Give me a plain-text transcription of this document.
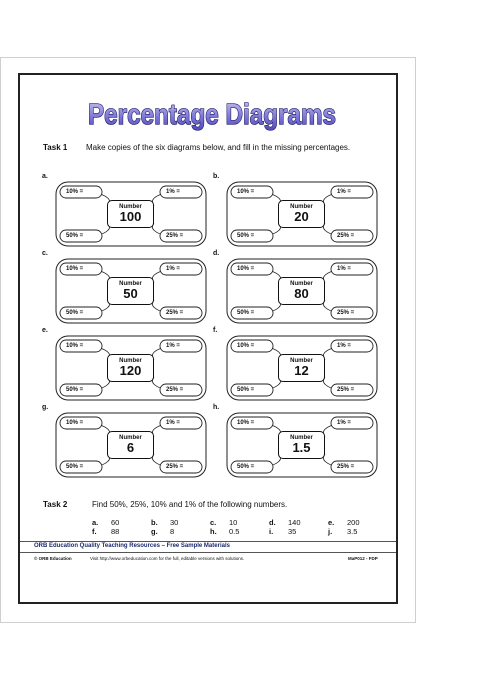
Percentage Diagrams
Task 1 Make copies of the six diagrams below, and fill in the missing percentages.
a.
10% =	1% =
50% =	25% =
Number
100
b.
10% =	1% =
50% =	25% =
Number
20
c.
10% =	1% =
50% =	25% =
Number
50
d.
10% =	1% =
50% =	25% =
Number
80
e.
10% =	1% =
50% =	25% =
Number
120
f.
10% =	1% =
50% =	25% =
Number
12
g.
10% =	1% =
50% =	25% =
Number
6
h.
10% =	1% =
50% =	25% =
Number
1.5
Task 2	Find 50%, 25%, 10% and 1% of the following numbers.
a. 60	b. 30	c. 10	d. 140	e. 200
f. 88	g. 8	h. 0.5	i. 35	j. 3.5
ORB Education Quality Teaching Resources – Free Sample Materials
© ORB Education	Visit http://www.orbeducation.com for the full, editable versions with solutions.	MaP012 - FDP
